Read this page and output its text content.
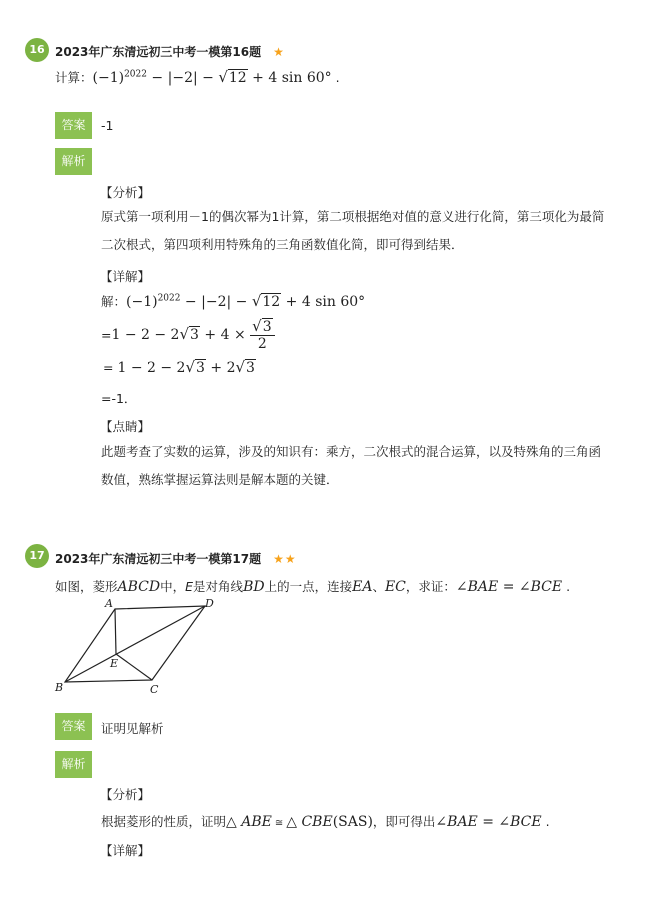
16 2023年广东清远初三中考一模第16题 ★
计算：$(-1)^{2022} - |-2| - √12 + 4$ sin 60° .
答案	-1
解析
【分析】
原式第一项利用－1的偶次幂为1计算，第二项根据绝对值的意义进行化简，第三项化为最简二次根式，第四项利用特殊角的三角函数值化简，即可得到结果．
【详解】
解：$(-1)^{2022} - |-2| - √12 + 4$ sin 60°
$=1 - 2 - 2√3 + 4 \times \frac{√3}{2}$
= 1 − 2 − 2√3 + 2√3
=-1．
【点睛】
此题考查了实数的运算，涉及的知识有：乘方，二次根式的混合运算，以及特殊角的三角函数值，熟练掌握运算法则是解本题的关键．
17 2023年广东清远初三中考一模第17题 ★★
如图，菱形ABCD中，E是对角线BD上的一点，连接EA、EC，求证：∠BAE = ∠BCE .
A	D
E
B	C
答案	证明见解析
解析
【分析】
根据菱形的性质，证明△ ABE ≅ △ CBE(SAS)，即可得出∠BAE = ∠BCE .
【详解】
